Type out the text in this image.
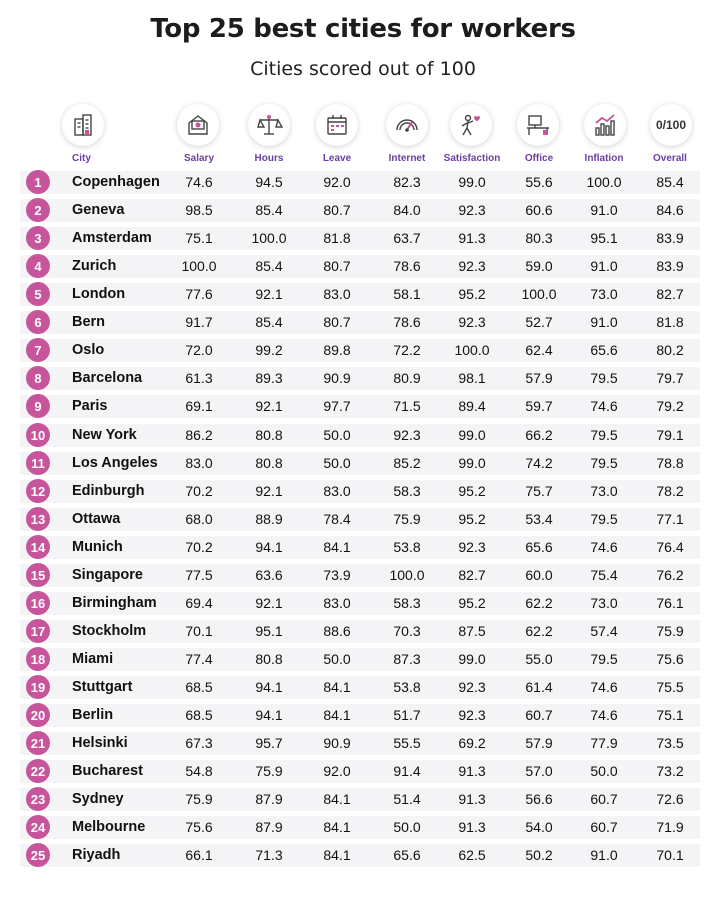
Top 25 best cities for workers
Cities scored out of 100
0/100
City	Salary	Hours	Leave	Internet	Satisfaction	Office	Inflation	Overall
1	Copenhagen	74.6	94.5	92.0	82.3	99.0	55.6	100.0	85.4
2	Geneva	98.5	85.4	80.7	84.0	92.3	60.6	91.0	84.6
3	Amsterdam	75.1	100.0	81.8	63.7	91.3	80.3	95.1	83.9
4	Zurich	100.0	85.4	80.7	78.6	92.3	59.0	91.0	83.9
5	London	77.6	92.1	83.0	58.1	95.2	100.0	73.0	82.7
6	Bern	91.7	85.4	80.7	78.6	92.3	52.7	91.0	81.8
7	Oslo	72.0	99.2	89.8	72.2	100.0	62.4	65.6	80.2
8	Barcelona	61.3	89.3	90.9	80.9	98.1	57.9	79.5	79.7
9	Paris	69.1	92.1	97.7	71.5	89.4	59.7	74.6	79.2
10	New York	86.2	80.8	50.0	92.3	99.0	66.2	79.5	79.1
11	Los Angeles	83.0	80.8	50.0	85.2	99.0	74.2	79.5	78.8
12	Edinburgh	70.2	92.1	83.0	58.3	95.2	75.7	73.0	78.2
13	Ottawa	68.0	88.9	78.4	75.9	95.2	53.4	79.5	77.1
14	Munich	70.2	94.1	84.1	53.8	92.3	65.6	74.6	76.4
15	Singapore	77.5	63.6	73.9	100.0	82.7	60.0	75.4	76.2
16	Birmingham	69.4	92.1	83.0	58.3	95.2	62.2	73.0	76.1
17	Stockholm	70.1	95.1	88.6	70.3	87.5	62.2	57.4	75.9
18	Miami	77.4	80.8	50.0	87.3	99.0	55.0	79.5	75.6
19	Stuttgart	68.5	94.1	84.1	53.8	92.3	61.4	74.6	75.5
20	Berlin	68.5	94.1	84.1	51.7	92.3	60.7	74.6	75.1
21	Helsinki	67.3	95.7	90.9	55.5	69.2	57.9	77.9	73.5
22	Bucharest	54.8	75.9	92.0	91.4	91.3	57.0	50.0	73.2
23	Sydney	75.9	87.9	84.1	51.4	91.3	56.6	60.7	72.6
24	Melbourne	75.6	87.9	84.1	50.0	91.3	54.0	60.7	71.9
25	Riyadh	66.1	71.3	84.1	65.6	62.5	50.2	91.0	70.1
